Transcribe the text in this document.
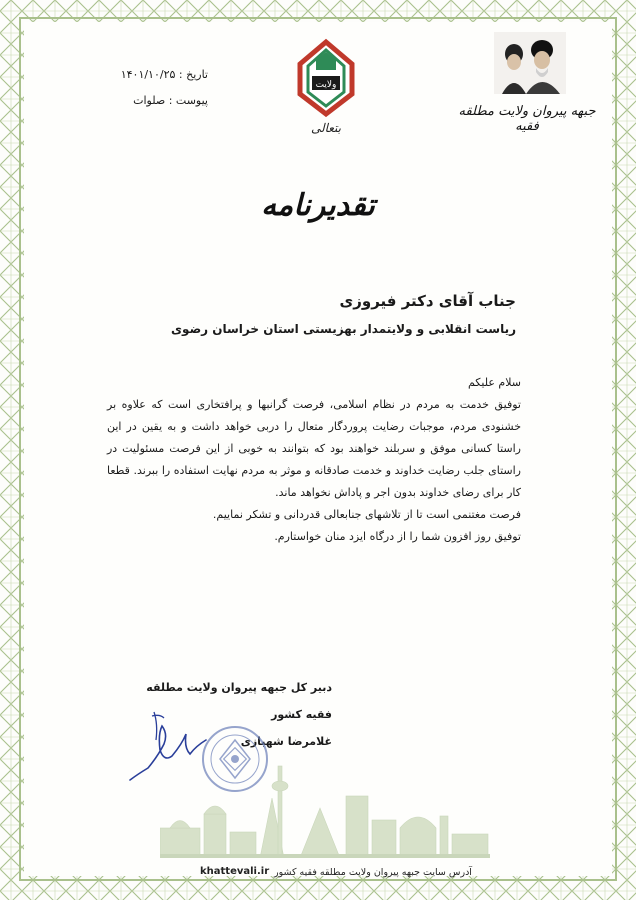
تاریخ : ۱۴۰۱/۱۰/۲۵
پیوست : صلوات
ولایت
بتعالی
جبهه پیروان ولایت مطلقه فقیه
تقدیرنامه
جناب آقای دکتر فیروزی
ریاست انقلابی و ولایتمدار بهزیستی استان خراسان رضوی

سلام علیکم

توفیق خدمت به مردم در نظام اسلامی، فرصت گرانبها و پرافتخاری است که علاوه بر خشنودی مردم، موجبات رضایت پروردگار متعال را دربی خواهد داشت و به یقین در این راستا کسانی موفق و سربلند خواهند بود که بتوانند به خوبی از این فرصت مسئولیت در راستای جلب رضایت خداوند و خدمت صادقانه و موثر به مردم نهایت استفاده را ببرند. قطعا کار برای رضای خداوند بدون اجر و پاداش نخواهد ماند.

فرصت مغتنمی است تا از تلاشهای جنابعالی قدردانی و تشکر نماییم.

توفیق روز افزون شما را از درگاه ایزد منان خواستارم.

دبیر کل جبهه پیروان ولایت مطلقه فقیه کشور
غلامرضا شهبازی
khattevali.ir آدرس سایت جبهه پیروان ولایت مطلقه فقیه کشور
